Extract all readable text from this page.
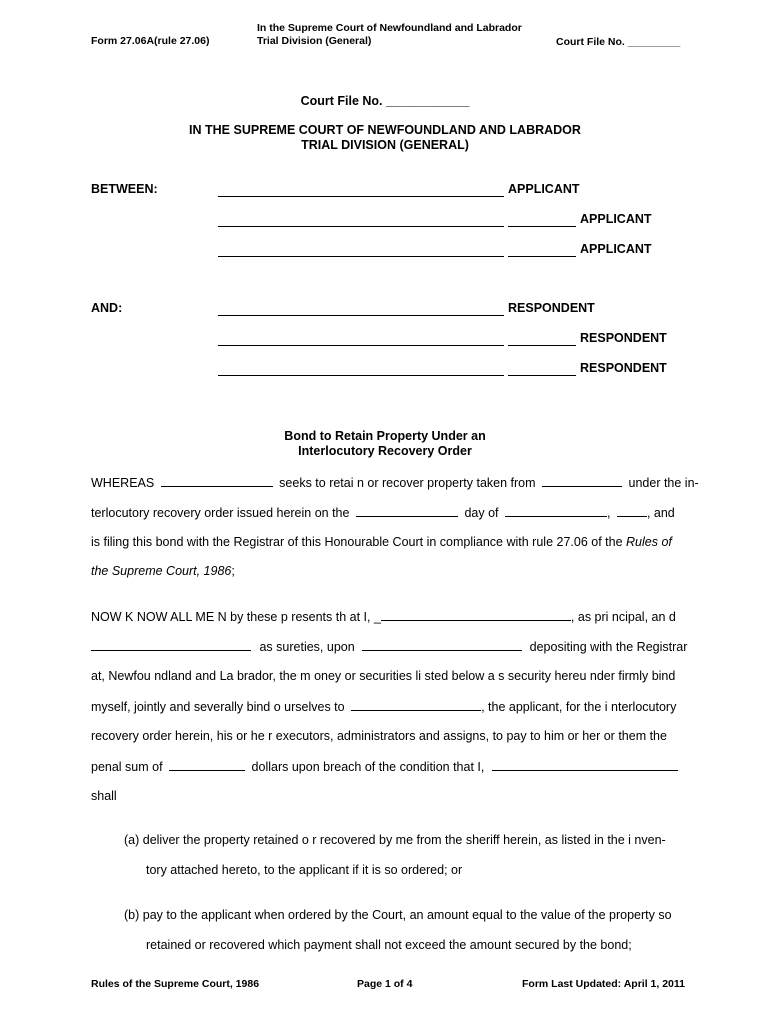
Form 27.06A(rule 27.06)
In the Supreme Court of Newfoundland and Labrador
Trial Division (General)	Court File No. _________
Court File No. ____________
IN THE SUPREME COURT OF NEWFOUNDLAND AND LABRADOR
TRIAL DIVISION (GENERAL)
BETWEEN:	APPLICANT
APPLICANT
APPLICANT
AND:	RESPONDENT
RESPONDENT
RESPONDENT
Bond to Retain Property Under an
Interlocutory Recovery Order
WHEREAS	seeks to retai n or recover property taken from	under the in-
terlocutory recovery order issued herein on the	day of	,	, and
is filing this bond with the Registrar of this Honourable Court in compliance with rule 27.06 of the Rules of
the Supreme Court, 1986;
NOW K NOW ALL ME N by these p resents th at I, _	, as pri ncipal, an d
as sureties, upon	depositing with the Registrar
at, Newfou ndland and La brador, the m oney or securities li sted below a s security hereu nder firmly bind
myself, jointly and severally bind o urselves to	, the applicant, for the i nterlocutory
recovery order herein, his or he r executors, administrators and assigns, to pay to him or her or them the
penal sum of	dollars upon breach of the condition that I,
shall
(a) deliver the property retained o r recovered by me from the sheriff herein, as listed in the i nven-
tory attached hereto, to the applicant if it is so ordered; or
(b) pay to the applicant when ordered by the Court, an amount equal to the value of the property so
retained or recovered which payment shall not exceed the amount secured by the bond;
Rules of the Supreme Court, 1986	Page 1 of 4	Form Last Updated: April 1, 2011
